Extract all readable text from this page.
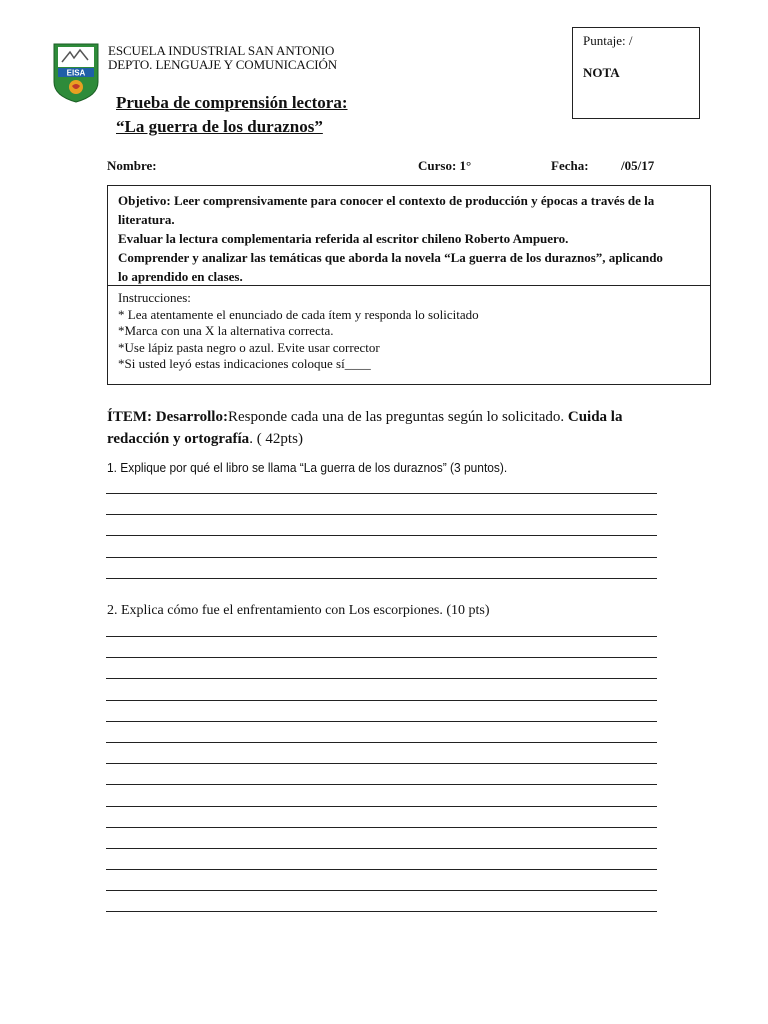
EISA
ESCUELA INDUSTRIAL SAN ANTONIO
DEPTO. LENGUAJE Y COMUNICACIÓN
Puntaje: /
NOTA
Prueba de comprensión lectora:
“La guerra de los duraznos”
Nombre:	Curso: 1°	Fecha: /05/17
Objetivo: Leer comprensivamente para conocer el contexto de producción y épocas a través de la
literatura.
Evaluar la lectura complementaria referida al escritor chileno Roberto Ampuero.
Comprender y analizar las temáticas que aborda la novela “La guerra de los duraznos”, aplicando
lo aprendido en clases.
Instrucciones:
* Lea atentamente el enunciado de cada ítem y responda lo solicitado
*Marca con una X la alternativa correcta.
*Use lápiz pasta negro o azul. Evite usar corrector
*Si usted leyó estas indicaciones coloque sí____
ÍTEM: Desarrollo:Responde cada una de las preguntas según lo solicitado. Cuida la redacción y ortografía. ( 42pts)
1. Explique por qué el libro se llama “La guerra de los duraznos” (3 puntos).
2. Explica cómo fue el enfrentamiento con Los escorpiones. (10 pts)
